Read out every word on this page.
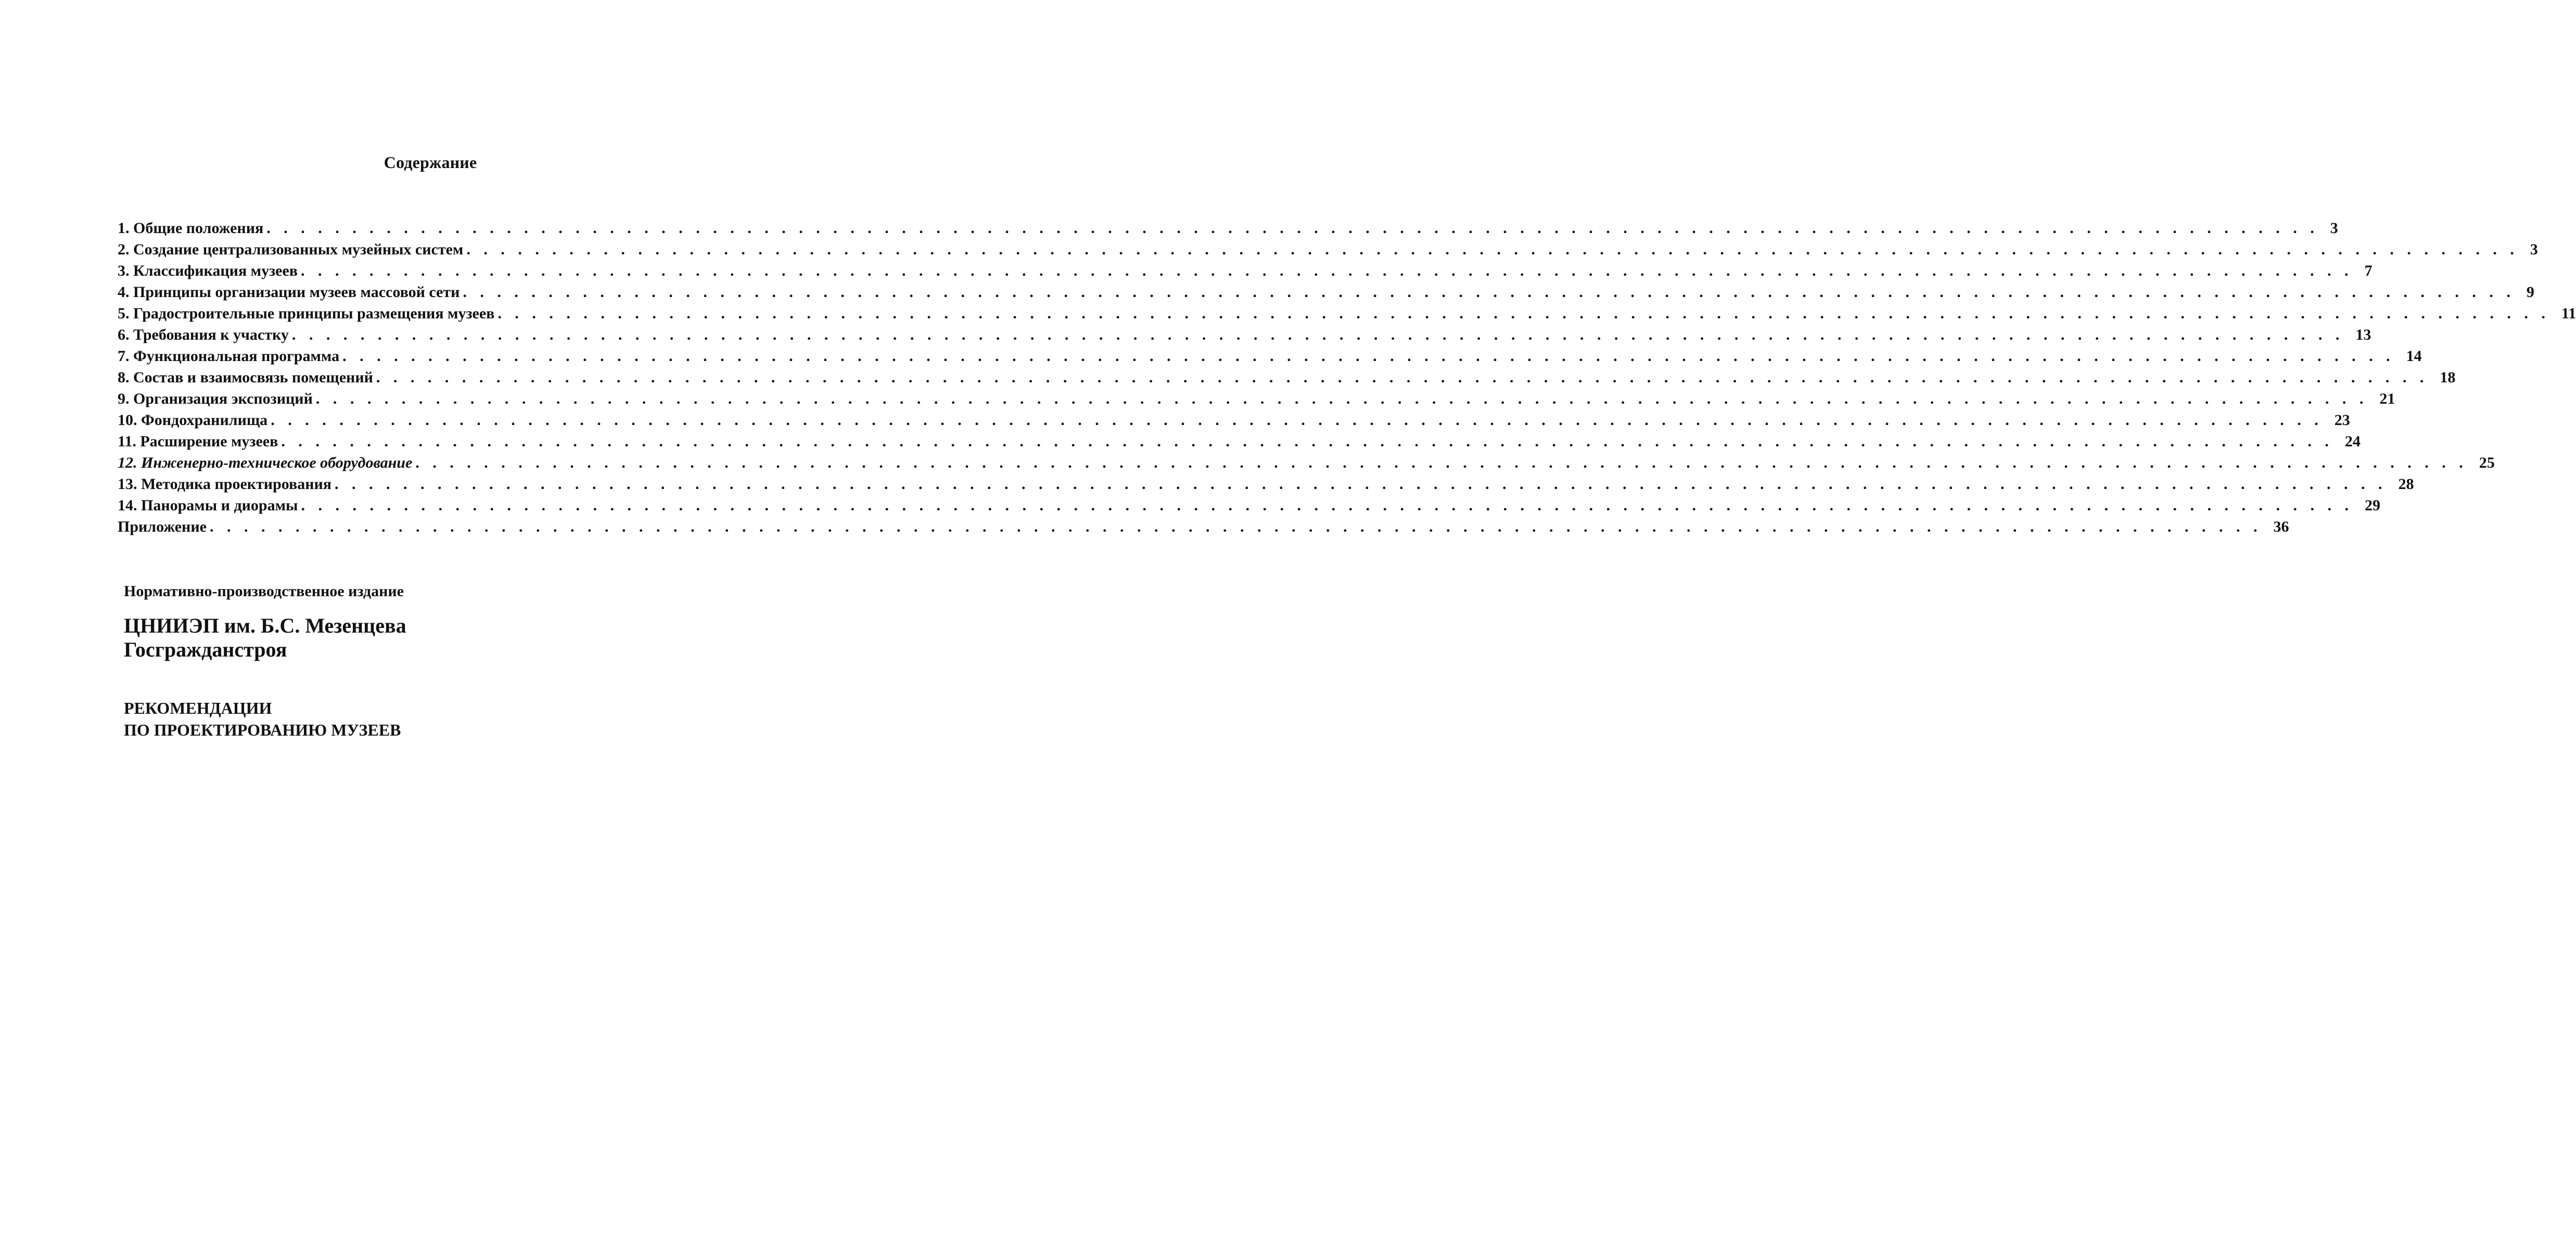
Содержание
1. Общие положения . . . . . . . . . . . . . . . . . . . . . . . . . . . . . . . . . . . . . . . . . . . . . . . . . . . . . . . . . . . . . . . . . . . . . . . . . . . . . . . . . . . . . . . . . . . . . . . . . . . . . . . . . . . . . . . . . . . . . . . . 3
2. Создание централизованных музейных систем . . . . . . . . . . . . . . . . . . . . . . . . . . . . . . . . . . . . . . . . . . . . . . . . . . . . . . . . . . . . . . . . . . . . . . . . . . . . . . . . . . . . . . . . . . . . . . . . . . . . . . . . . . . . . . . . . . . . . . . . 3
3. Классификация музеев . . . . . . . . . . . . . . . . . . . . . . . . . . . . . . . . . . . . . . . . . . . . . . . . . . . . . . . . . . . . . . . . . . . . . . . . . . . . . . . . . . . . . . . . . . . . . . . . . . . . . . . . . . . . . . . . . . . . . . . . 7
4. Принципы организации музеев массовой сети . . . . . . . . . . . . . . . . . . . . . . . . . . . . . . . . . . . . . . . . . . . . . . . . . . . . . . . . . . . . . . . . . . . . . . . . . . . . . . . . . . . . . . . . . . . . . . . . . . . . . . . . . . . . . . . . . . . . . . . . 9
5. Градостроительные принципы размещения музеев . . . . . . . . . . . . . . . . . . . . . . . . . . . . . . . . . . . . . . . . . . . . . . . . . . . . . . . . . . . . . . . . . . . . . . . . . . . . . . . . . . . . . . . . . . . . . . . . . . . . . . . . . . . . . . . . . . . . . . . . 11
6. Требования к участку . . . . . . . . . . . . . . . . . . . . . . . . . . . . . . . . . . . . . . . . . . . . . . . . . . . . . . . . . . . . . . . . . . . . . . . . . . . . . . . . . . . . . . . . . . . . . . . . . . . . . . . . . . . . . . . . . . . . . . . . 13
7. Функциональная программа . . . . . . . . . . . . . . . . . . . . . . . . . . . . . . . . . . . . . . . . . . . . . . . . . . . . . . . . . . . . . . . . . . . . . . . . . . . . . . . . . . . . . . . . . . . . . . . . . . . . . . . . . . . . . . . . . . . . . . . . 14
8. Состав и взаимосвязь помещений . . . . . . . . . . . . . . . . . . . . . . . . . . . . . . . . . . . . . . . . . . . . . . . . . . . . . . . . . . . . . . . . . . . . . . . . . . . . . . . . . . . . . . . . . . . . . . . . . . . . . . . . . . . . . . . . . . . . . . . . 18
9. Организация экспозиций . . . . . . . . . . . . . . . . . . . . . . . . . . . . . . . . . . . . . . . . . . . . . . . . . . . . . . . . . . . . . . . . . . . . . . . . . . . . . . . . . . . . . . . . . . . . . . . . . . . . . . . . . . . . . . . . . . . . . . . . 21
10. Фондохранилища . . . . . . . . . . . . . . . . . . . . . . . . . . . . . . . . . . . . . . . . . . . . . . . . . . . . . . . . . . . . . . . . . . . . . . . . . . . . . . . . . . . . . . . . . . . . . . . . . . . . . . . . . . . . . . . . . . . . . . . . 23
11. Расширение музеев . . . . . . . . . . . . . . . . . . . . . . . . . . . . . . . . . . . . . . . . . . . . . . . . . . . . . . . . . . . . . . . . . . . . . . . . . . . . . . . . . . . . . . . . . . . . . . . . . . . . . . . . . . . . . . . . . . . . . . . . 24
12. Инженерно-техническое оборудование . . . . . . . . . . . . . . . . . . . . . . . . . . . . . . . . . . . . . . . . . . . . . . . . . . . . . . . . . . . . . . . . . . . . . . . . . . . . . . . . . . . . . . . . . . . . . . . . . . . . . . . . . . . . . . . . . . . . . . . . 25
13. Методика проектирования . . . . . . . . . . . . . . . . . . . . . . . . . . . . . . . . . . . . . . . . . . . . . . . . . . . . . . . . . . . . . . . . . . . . . . . . . . . . . . . . . . . . . . . . . . . . . . . . . . . . . . . . . . . . . . . . . . . . . . . . 28
14. Панорамы и диорамы . . . . . . . . . . . . . . . . . . . . . . . . . . . . . . . . . . . . . . . . . . . . . . . . . . . . . . . . . . . . . . . . . . . . . . . . . . . . . . . . . . . . . . . . . . . . . . . . . . . . . . . . . . . . . . . . . . . . . . . . 29
Приложение . . . . . . . . . . . . . . . . . . . . . . . . . . . . . . . . . . . . . . . . . . . . . . . . . . . . . . . . . . . . . . . . . . . . . . . . . . . . . . . . . . . . . . . . . . . . . . . . . . . . . . . . . . . . . . . . . . . . . . . . 36
Нормативно-производственное издание
ЦНИИЭП им. Б.С. Мезенцева
Госгражданстроя
РЕКОМЕНДАЦИИ
ПО ПРОЕКТИРОВАНИЮ МУЗЕЕВ
